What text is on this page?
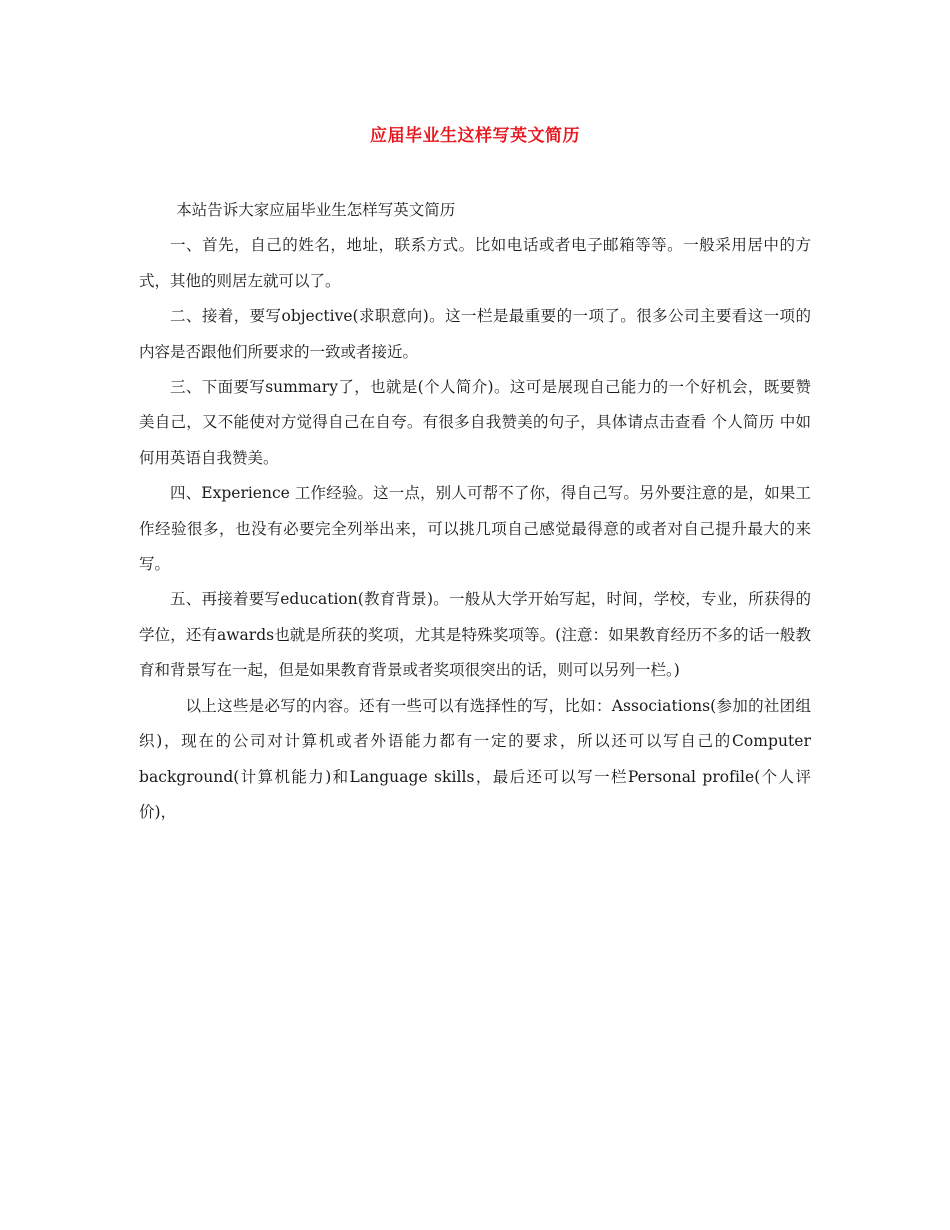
应届毕业生这样写英文简历

本站告诉大家应届毕业生怎样写英文简历

一、首先，自己的姓名，地址，联系方式。比如电话或者电子邮箱等等。一般采用居中的方式，其他的则居左就可以了。

二、接着，要写objective(求职意向)。这一栏是最重要的一项了。很多公司主要看这一项的内容是否跟他们所要求的一致或者接近。

三、下面要写summary了，也就是(个人简介)。这可是展现自己能力的一个好机会，既要赞美自己，又不能使对方觉得自己在自夸。有很多自我赞美的句子，具体请点击查看 个人简历 中如何用英语自我赞美。

四、Experience 工作经验。这一点，别人可帮不了你，得自己写。另外要注意的是，如果工作经验很多，也没有必要完全列举出来，可以挑几项自己感觉最得意的或者对自己提升最大的来写。

五、再接着要写education(教育背景)。一般从大学开始写起，时间，学校，专业，所获得的学位，还有awards也就是所获的奖项，尤其是特殊奖项等。(注意：如果教育经历不多的话一般教育和背景写在一起，但是如果教育背景或者奖项很突出的话，则可以另列一栏。)

以上这些是必写的内容。还有一些可以有选择性的写，比如：Associations(参加的社团组织)，现在的公司对计算机或者外语能力都有一定的要求，所以还可以写自己的Computer background(计算机能力)和Language skills，最后还可以写一栏Personal profile(个人评价)，
